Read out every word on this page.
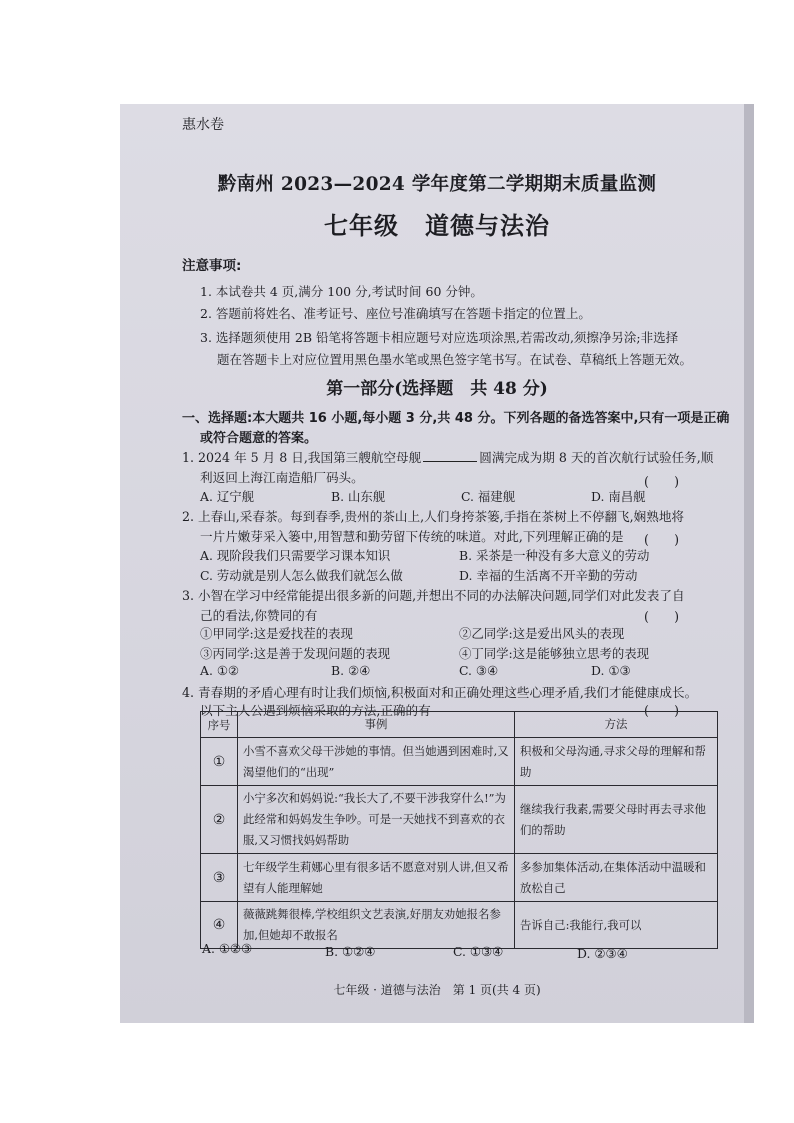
惠水卷
黔南州 2023—2024 学年度第二学期期末质量监测
七年级 道德与法治
注意事项:
1. 本试卷共 4 页,满分 100 分,考试时间 60 分钟。
2. 答题前将姓名、准考证号、座位号准确填写在答题卡指定的位置上。
3. 选择题须使用 2B 铅笔将答题卡相应题号对应选项涂黑,若需改动,须擦净另涂;非选择
题在答题卡上对应位置用黑色墨水笔或黑色签字笔书写。在试卷、草稿纸上答题无效。
第一部分(选择题　共 48 分)
一、选择题:本大题共 16 小题,每小题 3 分,共 48 分。下列各题的备选答案中,只有一项是正确
或符合题意的答案。
1. 2024 年 5 月 8 日,我国第三艘航空母舰	圆满完成为期 8 天的首次航行试验任务,顺
利返回上海江南造船厂码头。	(　　)
A. 辽宁舰	B. 山东舰	C. 福建舰	D. 南昌舰
2. 上春山,采春茶。每到春季,贵州的茶山上,人们身挎茶篓,手指在茶树上不停翻飞,娴熟地将
一片片嫩芽采入篓中,用智慧和勤劳留下传统的味道。对此,下列理解正确的是 (　　)
A. 现阶段我们只需要学习课本知识	B. 采茶是一种没有多大意义的劳动
C. 劳动就是别人怎么做我们就怎么做	D. 幸福的生活离不开辛勤的劳动
3. 小智在学习中经常能提出很多新的问题,并想出不同的办法解决问题,同学们对此发表了自
己的看法,你赞同的有	(　　)
①甲同学:这是爱找茬的表现	②乙同学:这是爱出风头的表现
③丙同学:这是善于发现问题的表现	④丁同学:这是能够独立思考的表现
A. ①②	B. ②④	C. ③④	D. ①③
4. 青春期的矛盾心理有时让我们烦恼,积极面对和正确处理这些心理矛盾,我们才能健康成长。
以下主人公遇到烦恼采取的方法,正确的有	(　　)
序号	事例	方法
①	小雪不喜欢父母干涉她的事情。但当她遇到困难时,又渴望他们的“出现”	积极和父母沟通,寻求父母的理解和帮助
②	小宁多次和妈妈说:“我长大了,不要干涉我穿什么!”为此经常和妈妈发生争吵。可是一天她找不到喜欢的衣服,又习惯找妈妈帮助	继续我行我素,需要父母时再去寻求他们的帮助
③	七年级学生莉娜心里有很多话不愿意对别人讲,但又希望有人能理解她	多参加集体活动,在集体活动中温暖和放松自己
④	薇薇跳舞很棒,学校组织文艺表演,好朋友劝她报名参加,但她却不敢报名	告诉自己:我能行,我可以
A. ①②③	B. ①②④	C. ①③④	D. ②③④
七年级 · 道德与法治　第 1 页(共 4 页)
